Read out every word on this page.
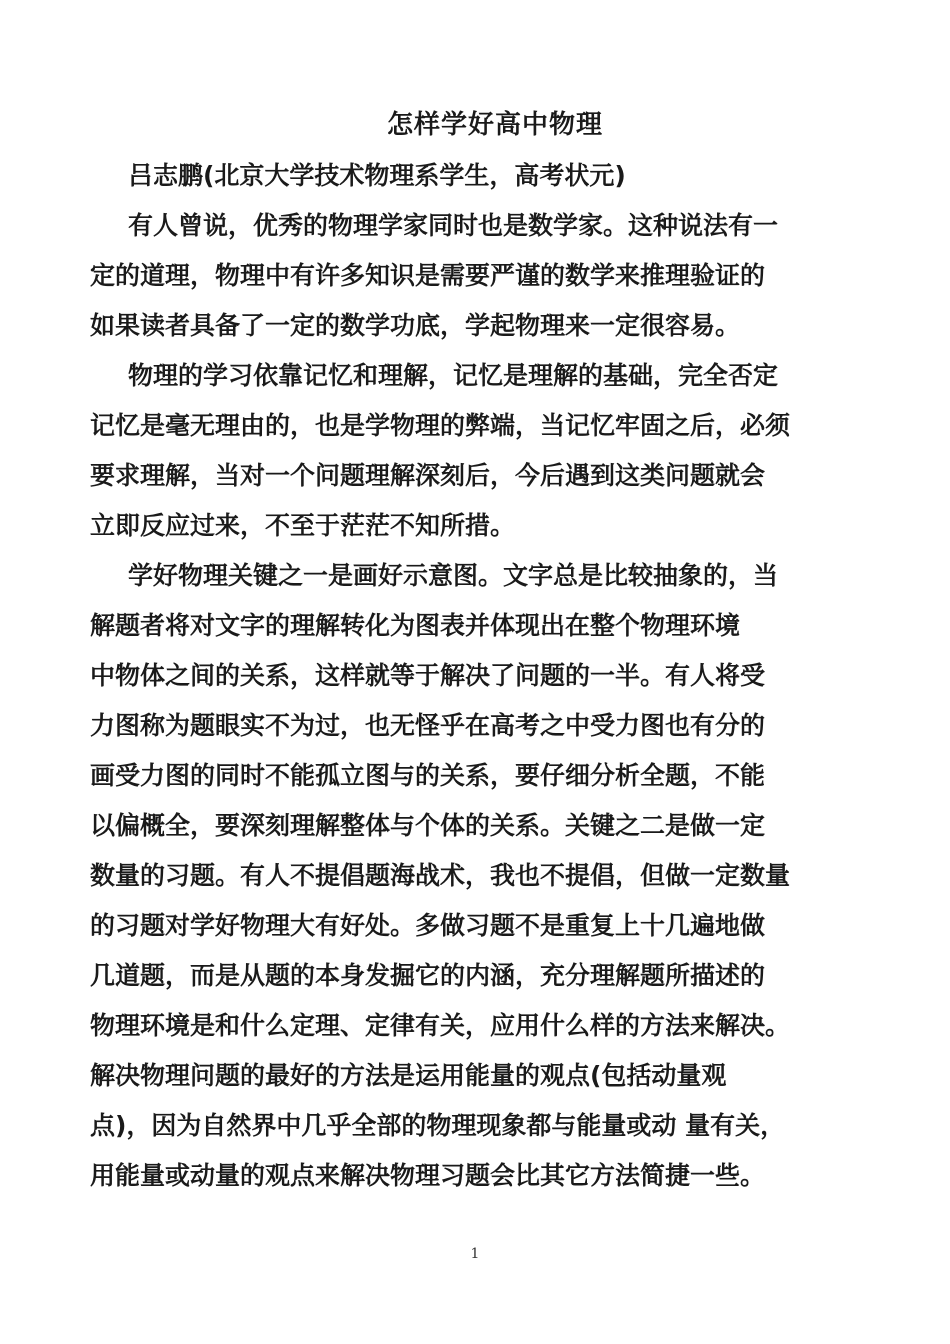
怎样学好高中物理
吕志鹏(北京大学技术物理系学生，高考状元)
有人曾说，优秀的物理学家同时也是数学家。这种说法有一
定的道理，物理中有许多知识是需要严谨的数学来推理验证的
如果读者具备了一定的数学功底，学起物理来一定很容易。
物理的学习依靠记忆和理解，记忆是理解的基础，完全否定
记忆是毫无理由的，也是学物理的弊端，当记忆牢固之后，必须
要求理解，当对一个问题理解深刻后，今后遇到这类问题就会
立即反应过来，不至于茫茫不知所措。
学好物理关键之一是画好示意图。文字总是比较抽象的，当
解题者将对文字的理解转化为图表并体现出在整个物理环境
中物体之间的关系，这样就等于解决了问题的一半。有人将受
力图称为题眼实不为过，也无怪乎在高考之中受力图也有分的
画受力图的同时不能孤立图与的关系，要仔细分析全题，不能
以偏概全，要深刻理解整体与个体的关系。关键之二是做一定
数量的习题。有人不提倡题海战术，我也不提倡，但做一定数量
的习题对学好物理大有好处。多做习题不是重复上十几遍地做
几道题，而是从题的本身发掘它的内涵，充分理解题所描述的
物理环境是和什么定理、定律有关，应用什么样的方法来解决。
解决物理问题的最好的方法是运用能量的观点(包括动量观
点)，因为自然界中几乎全部的物理现象都与能量或动 量有关，
用能量或动量的观点来解决物理习题会比其它方法简捷一些。
1
